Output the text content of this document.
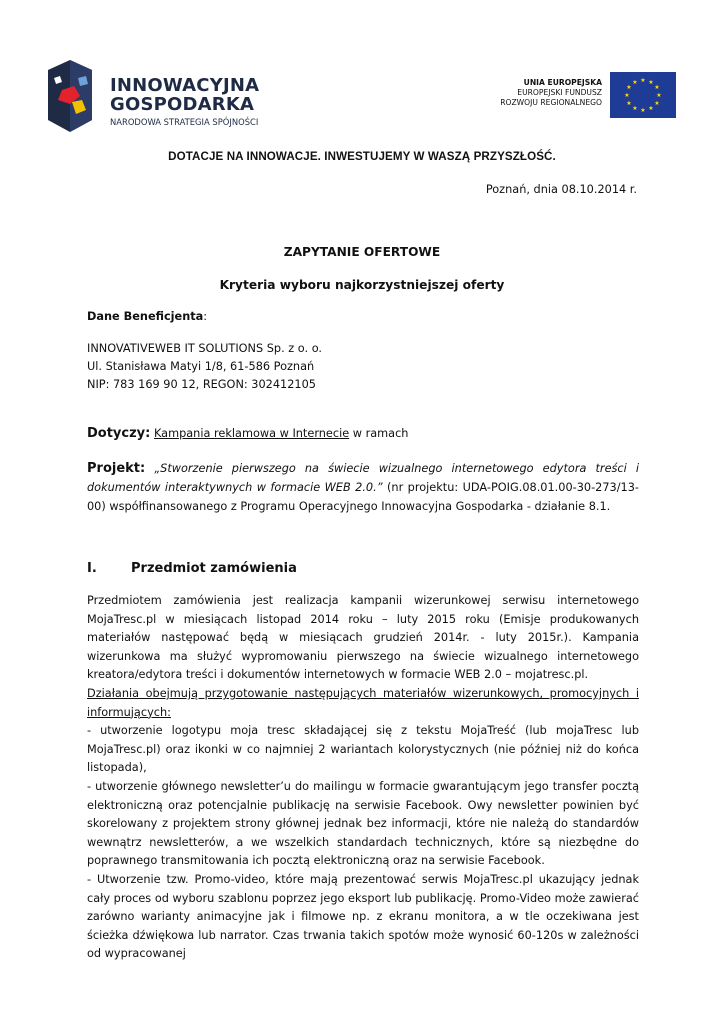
INNOWACYJNA
GOSPODARKA
NARODOWA STRATEGIA SPÓJNOŚCI
UNIA EUROPEJSKA
EUROPEJSKI FUNDUSZ
ROZWOJU REGIONALNEGO
★ ★
★
★
★
★
★
★
★
★
★
★
DOTACJE NA INNOWACJE. INWESTUJEMY W WASZĄ PRZYSZŁOŚĆ.
Poznań, dnia 08.10.2014 r.
ZAPYTANIE OFERTOWE
Kryteria wyboru najkorzystniejszej oferty
Dane Beneficjenta:
INNOVATIVEWEB IT SOLUTIONS Sp. z o. o.
Ul. Stanisława Matyi 1/8, 61-586 Poznań
NIP: 783 169 90 12, REGON: 302412105
Dotyczy: Kampania reklamowa w Internecie w ramach
Projekt: „Stworzenie pierwszego na świecie wizualnego internetowego edytora treści i dokumentów interaktywnych w formacie WEB 2.0.” (nr projektu: UDA-POIG.08.01.00-30-273/13-00) współfinansowanego z Programu Operacyjnego Innowacyjna Gospodarka - działanie 8.1.
I.	Przedmiot zamówienia

Przedmiotem zamówienia jest realizacja kampanii wizerunkowej serwisu internetowego MojaTresc.pl w miesiącach listopad 2014 roku – luty 2015 roku (Emisje produkowanych materiałów następować będą w miesiącach grudzień 2014r. - luty 2015r.). Kampania wizerunkowa ma służyć wypromowaniu pierwszego na świecie wizualnego internetowego kreatora/edytora treści i dokumentów internetowych w formacie WEB 2.0 – mojatresc.pl.

Działania obejmują przygotowanie następujących materiałów wizerunkowych, promocyjnych i informujących:

- utworzenie logotypu moja tresc składającej się z tekstu MojaTreść (lub mojaTresc lub MojaTresc.pl) oraz ikonki w co najmniej 2 wariantach kolorystycznych (nie później niż do końca listopada),

- utworzenie głównego newsletter’u do mailingu w formacie gwarantującym jego transfer pocztą elektroniczną oraz potencjalnie publikację na serwisie Facebook. Owy newsletter powinien być skorelowany z projektem strony głównej jednak bez informacji, które nie należą do standardów wewnątrz newsletterów, a we wszelkich standardach technicznych, które są niezbędne do poprawnego transmitowania ich pocztą elektroniczną oraz na serwisie Facebook.

- Utworzenie tzw. Promo-video, które mają prezentować serwis MojaTresc.pl ukazujący jednak cały proces od wyboru szablonu poprzez jego eksport lub publikację. Promo-Video może zawierać zarówno warianty animacyjne jak i filmowe np. z ekranu monitora, a w tle oczekiwana jest ścieżka dźwiękowa lub narrator. Czas trwania takich spotów może wynosić 60-120s w zależności od wypracowanej
